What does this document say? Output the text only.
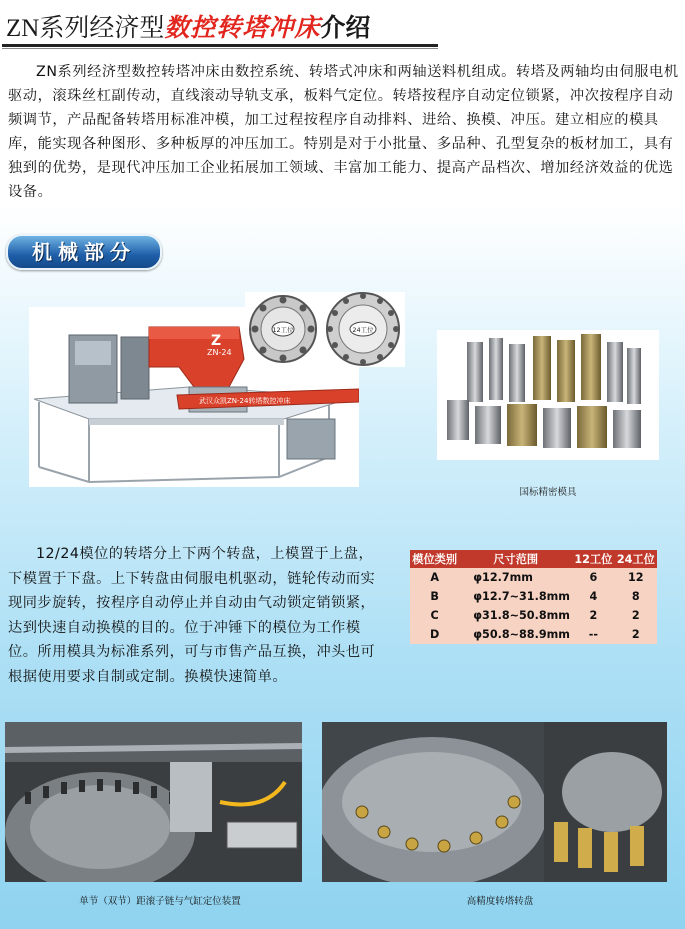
ZN系列经济型数控转塔冲床介绍
ZN系列经济型数控转塔冲床由数控系统、转塔式冲床和两轴送料机组成。转塔及两轴均由伺服电机驱动，滚珠丝杠副传动，直线滚动导轨支承，板料气定位。转塔按程序自动定位锁紧，冲次按程序自动频调节，产品配备转塔用标准冲模，加工过程按程序自动排料、进给、换模、冲压。建立相应的模具库，能实现各种图形、多种板厚的冲压加工。特别是对于小批量、多品种、孔型复杂的板材加工，具有独到的优势，是现代冲压加工企业拓展加工领域、丰富加工能力、提高产品档次、增加经济效益的优选设备。
机械部分
ZN-24
Z
武汉众凯ZN-24转塔数控冲床
12工位	24工位
国标精密模具
12/24模位的转塔分上下两个转盘，上模置于上盘，下模置于下盘。上下转盘由伺服电机驱动，链轮传动而实现同步旋转，按程序自动停止并自动由气动锁定销锁紧，达到快速自动换模的目的。位于冲锤下的模位为工作模位。所用模具为标准系列，可与市售产品互换，冲头也可根据使用要求自制或定制。换模快速简单。
模位类别	尺寸范围	12工位	24工位
A	φ12.7mm	6	12
B	φ12.7~31.8mm	4	8
C	φ31.8~50.8mm	2	2
D	φ50.8~88.9mm	--	2
单节（双节）距滚子链与气缸定位装置	高精度转塔转盘
